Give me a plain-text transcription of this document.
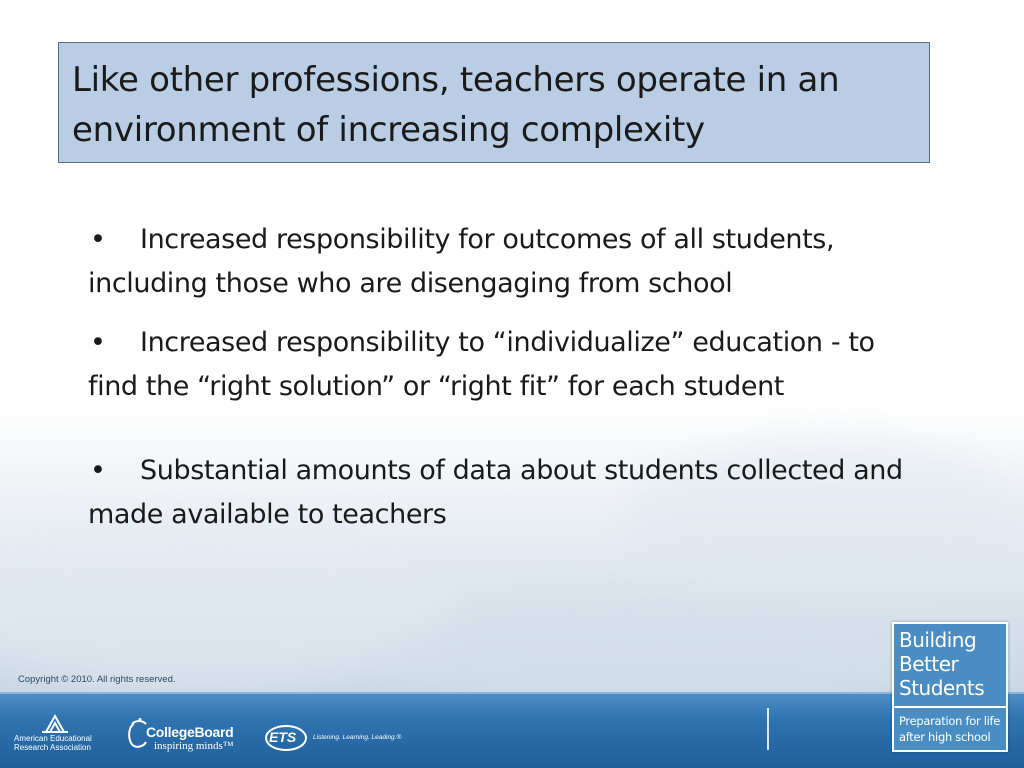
Like other professions, teachers operate in an environment of increasing complexity
• Increased responsibility for outcomes of all students, including those who are disengaging from school
• Increased responsibility to “individualize” education - to find the “right solution” or “right fit” for each student
• Substantial amounts of data about students collected and made available to teachers
Copyright © 2010. All rights reserved.
American Educational
Research Association
CollegeBoard
inspiring minds™
ETS	Listening. Learning. Leading.®
Building
Better
Students
Preparation for life
after high school
